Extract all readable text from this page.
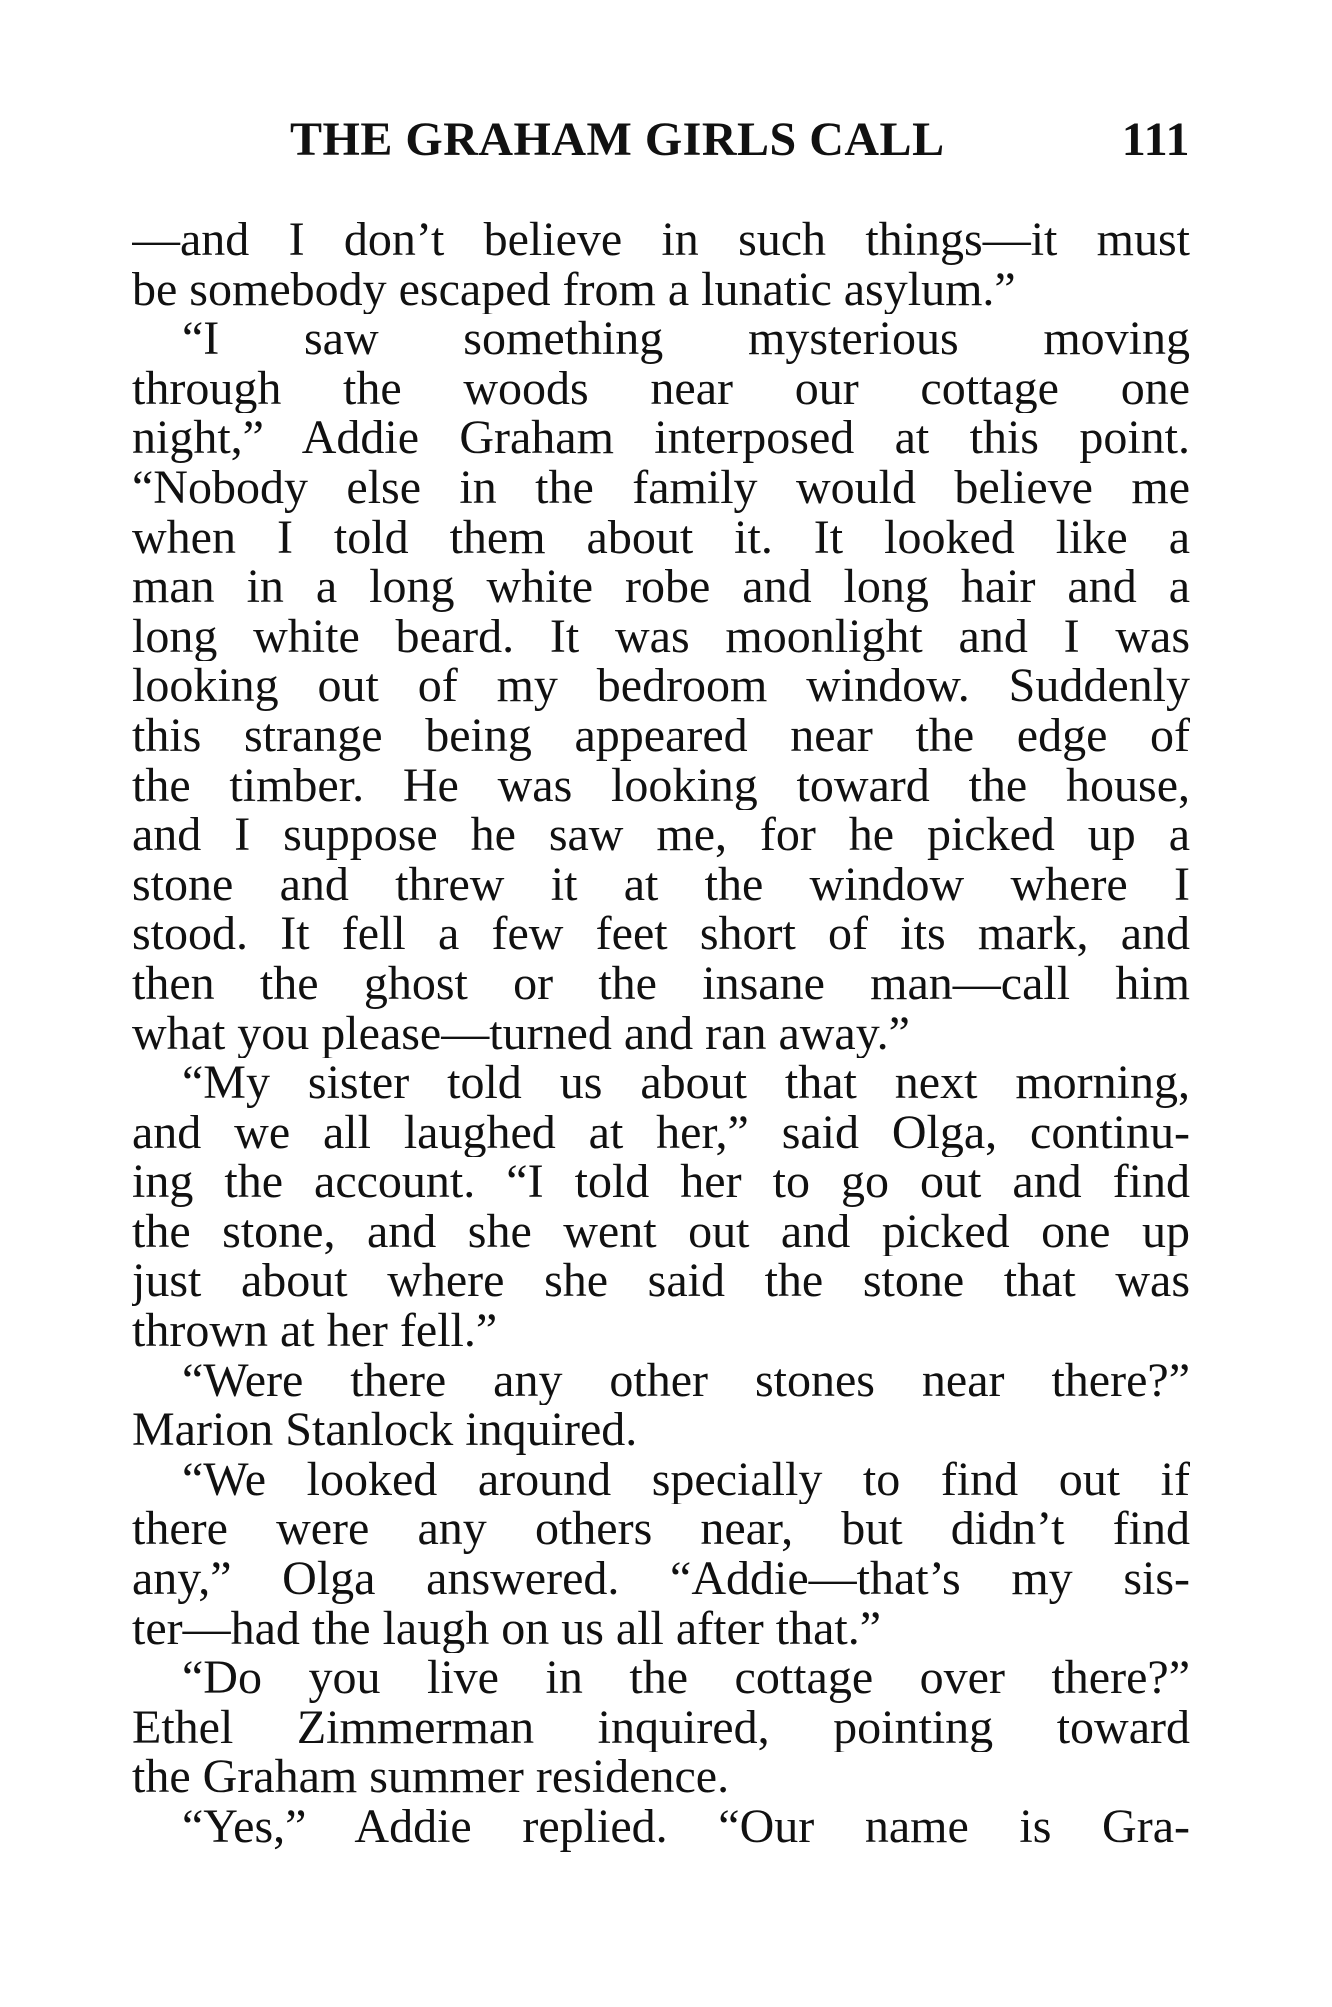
THE GRAHAM GIRLS CALL	111
—and I don’t believe in such things—it must
be somebody escaped from a lunatic asylum.”
“I saw something mysterious moving
through the woods near our cottage one
night,” Addie Graham interposed at this point.
“Nobody else in the family would believe me
when I told them about it. It looked like a
man in a long white robe and long hair and a
long white beard. It was moonlight and I was
looking out of my bedroom window. Suddenly
this strange being appeared near the edge of
the timber. He was looking toward the house,
and I suppose he saw me, for he picked up a
stone and threw it at the window where I
stood. It fell a few feet short of its mark, and
then the ghost or the insane man—call him
what you please—turned and ran away.”
“My sister told us about that next morning,
and we all laughed at her,” said Olga, continu-
ing the account. “I told her to go out and find
the stone, and she went out and picked one up
just about where she said the stone that was
thrown at her fell.”
“Were there any other stones near there?”
Marion Stanlock inquired.
“We looked around specially to find out if
there were any others near, but didn’t find
any,” Olga answered. “Addie—that’s my sis-
ter—had the laugh on us all after that.”
“Do you live in the cottage over there?”
Ethel Zimmerman inquired, pointing toward
the Graham summer residence.
“Yes,” Addie replied. “Our name is Gra-
